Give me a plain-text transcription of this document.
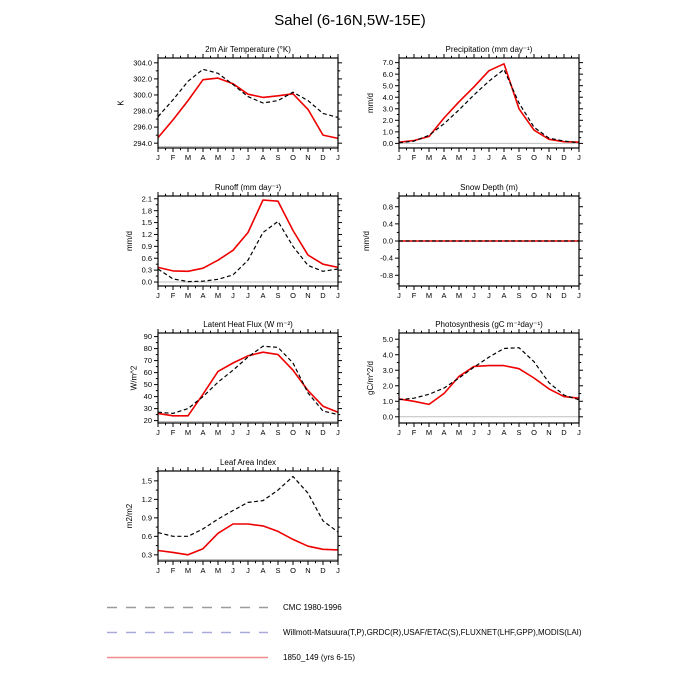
Sahel (6-16N,5W-15E)
294.0
296.0
298.0
300.0
302.0
304.0
J F M A M J J A S O N D J
2m Air Temperature (°K)
K
0.0
1.0
2.0
3.0
4.0
5.0
6.0
7.0
J F M A M J J A S O N D J
Precipitation (mm day⁻¹)
mm/d
0.0
0.3
0.6
0.9
1.2
1.5
1.8
2.1
J F M A M J J A S O N D J
Runoff (mm day⁻¹)
mm/d
-0.8
-0.4
0.0
0.4
0.8
J F M A M J J A S O N D J
Snow Depth (m)
mm/d
20
30
40
50
60
70
80
90
J F M A M J J A S O N D J
Latent Heat Flux (W m⁻²)
W/m^2
0.0
1.0
2.0
3.0
4.0
5.0
J F M A M J J A S O N D J
Photosynthesis (gC m⁻²day⁻¹)
gC/m^2/d
0.3
0.6
0.9
1.2
1.5
J F M A M J J A S O N D J
Leaf Area Index
m2/m2
CMC 1980-1996
Willmott-Matsuura(T,P),GRDC(R),USAF/ETAC(S),FLUXNET(LHF,GPP),MODIS(LAI)
1850_149 (yrs 6-15)
